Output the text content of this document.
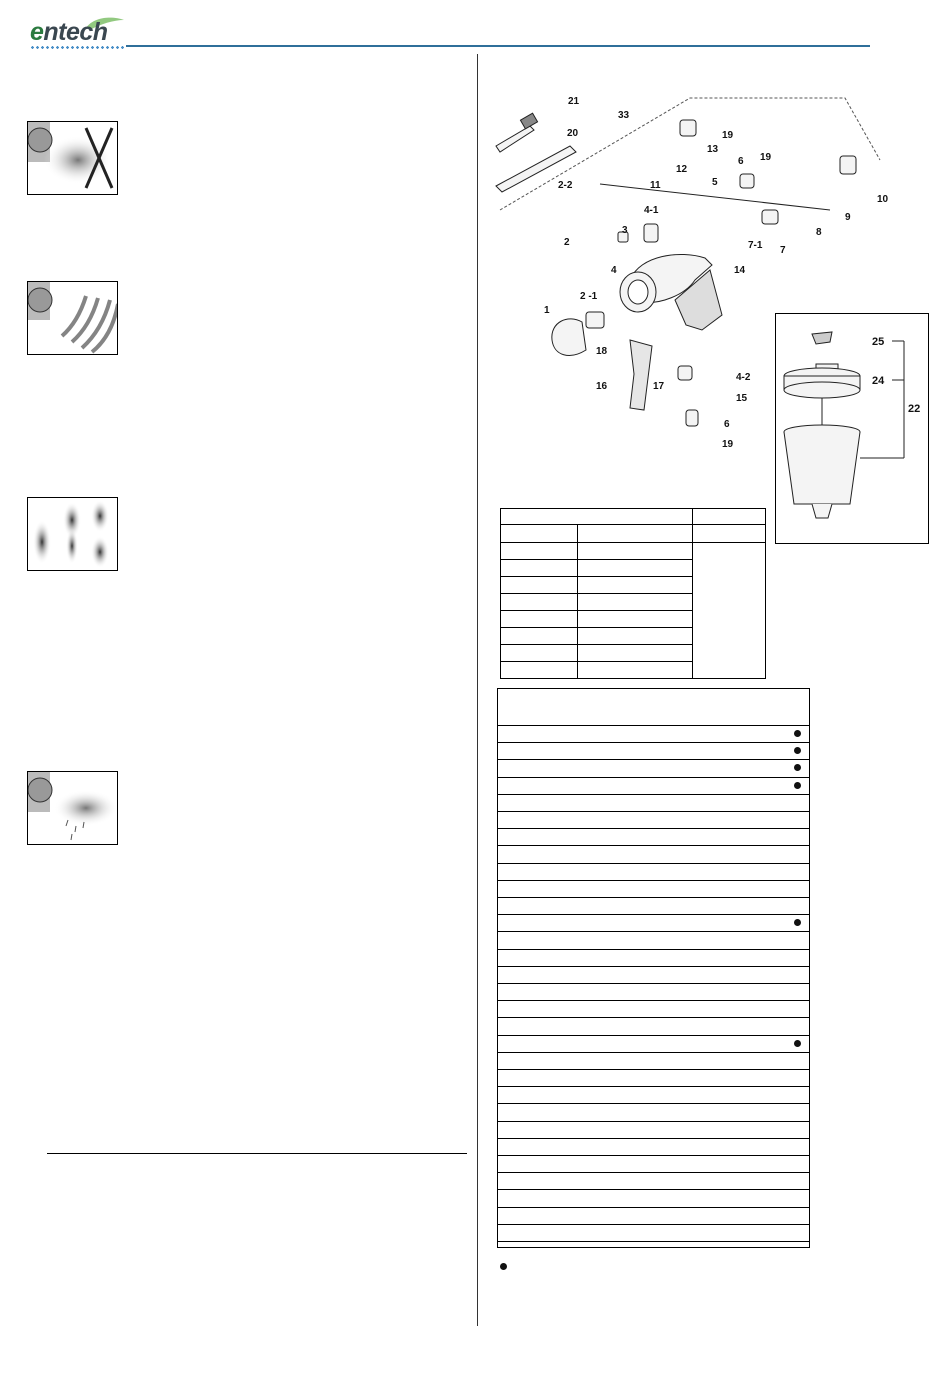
entech
21
33
19
13
20
12
6 19
2-2	11	5
10
9
8
4-1
2
3
14
7-1 7
4
2 -1
1
18
4-2
16	17
15
6
19
25
24
22
